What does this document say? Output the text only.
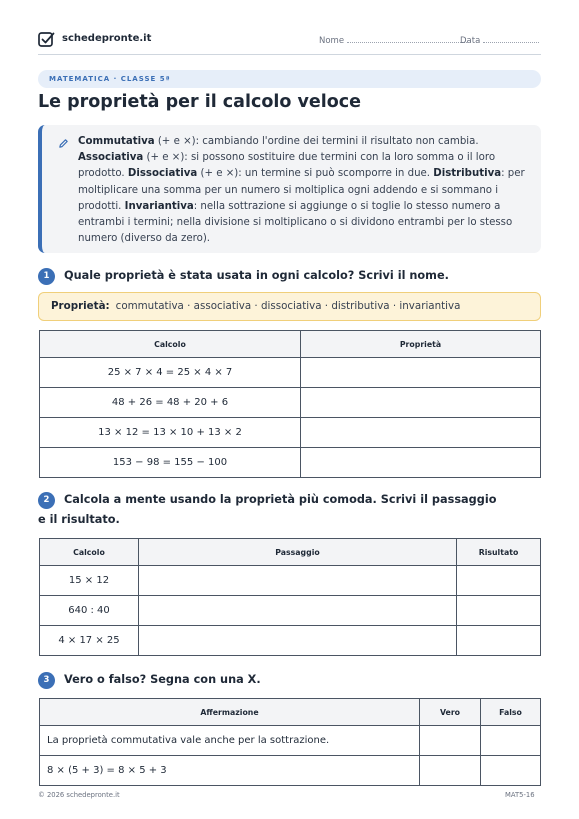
schedepronte.it	Nome	Data
MATEMATICA · CLASSE 5ª
Le proprietà per il calcolo veloce
Commutativa (+ e ×): cambiando l'ordine dei termini il risultato non cambia.
Associativa (+ e ×): si possono sostituire due termini con la loro somma o il loro prodotto. Dissociativa (+ e ×): un termine si può scomporre in due. Distributiva: per moltiplicare una somma per un numero si moltiplica ogni addendo e si sommano i prodotti. Invariantiva: nella sottrazione si aggiunge o si toglie lo stesso numero a entrambi i termini; nella divisione si moltiplicano o si dividono entrambi per lo stesso numero (diverso da zero).
1	Quale proprietà è stata usata in ogni calcolo? Scrivi il nome.
Proprietà: commutativa · associativa · dissociativa · distributiva · invariantiva
Calcolo	Proprietà
25 × 7 × 4 = 25 × 4 × 7	
48 + 26 = 48 + 20 + 6	
13 × 12 = 13 × 10 + 13 × 2	
153 − 98 = 155 − 100	
2	Calcola a mente usando la proprietà più comoda. Scrivi il passaggio e il risultato.
Calcolo	Passaggio	Risultato
15 × 12		
640 : 40		
4 × 17 × 25		
3	Vero o falso? Segna con una X.
Affermazione	Vero	Falso
La proprietà commutativa vale anche per la sottrazione.		
8 × (5 + 3) = 8 × 5 + 3		
© 2026 schedepronte.it	MAT5-16
